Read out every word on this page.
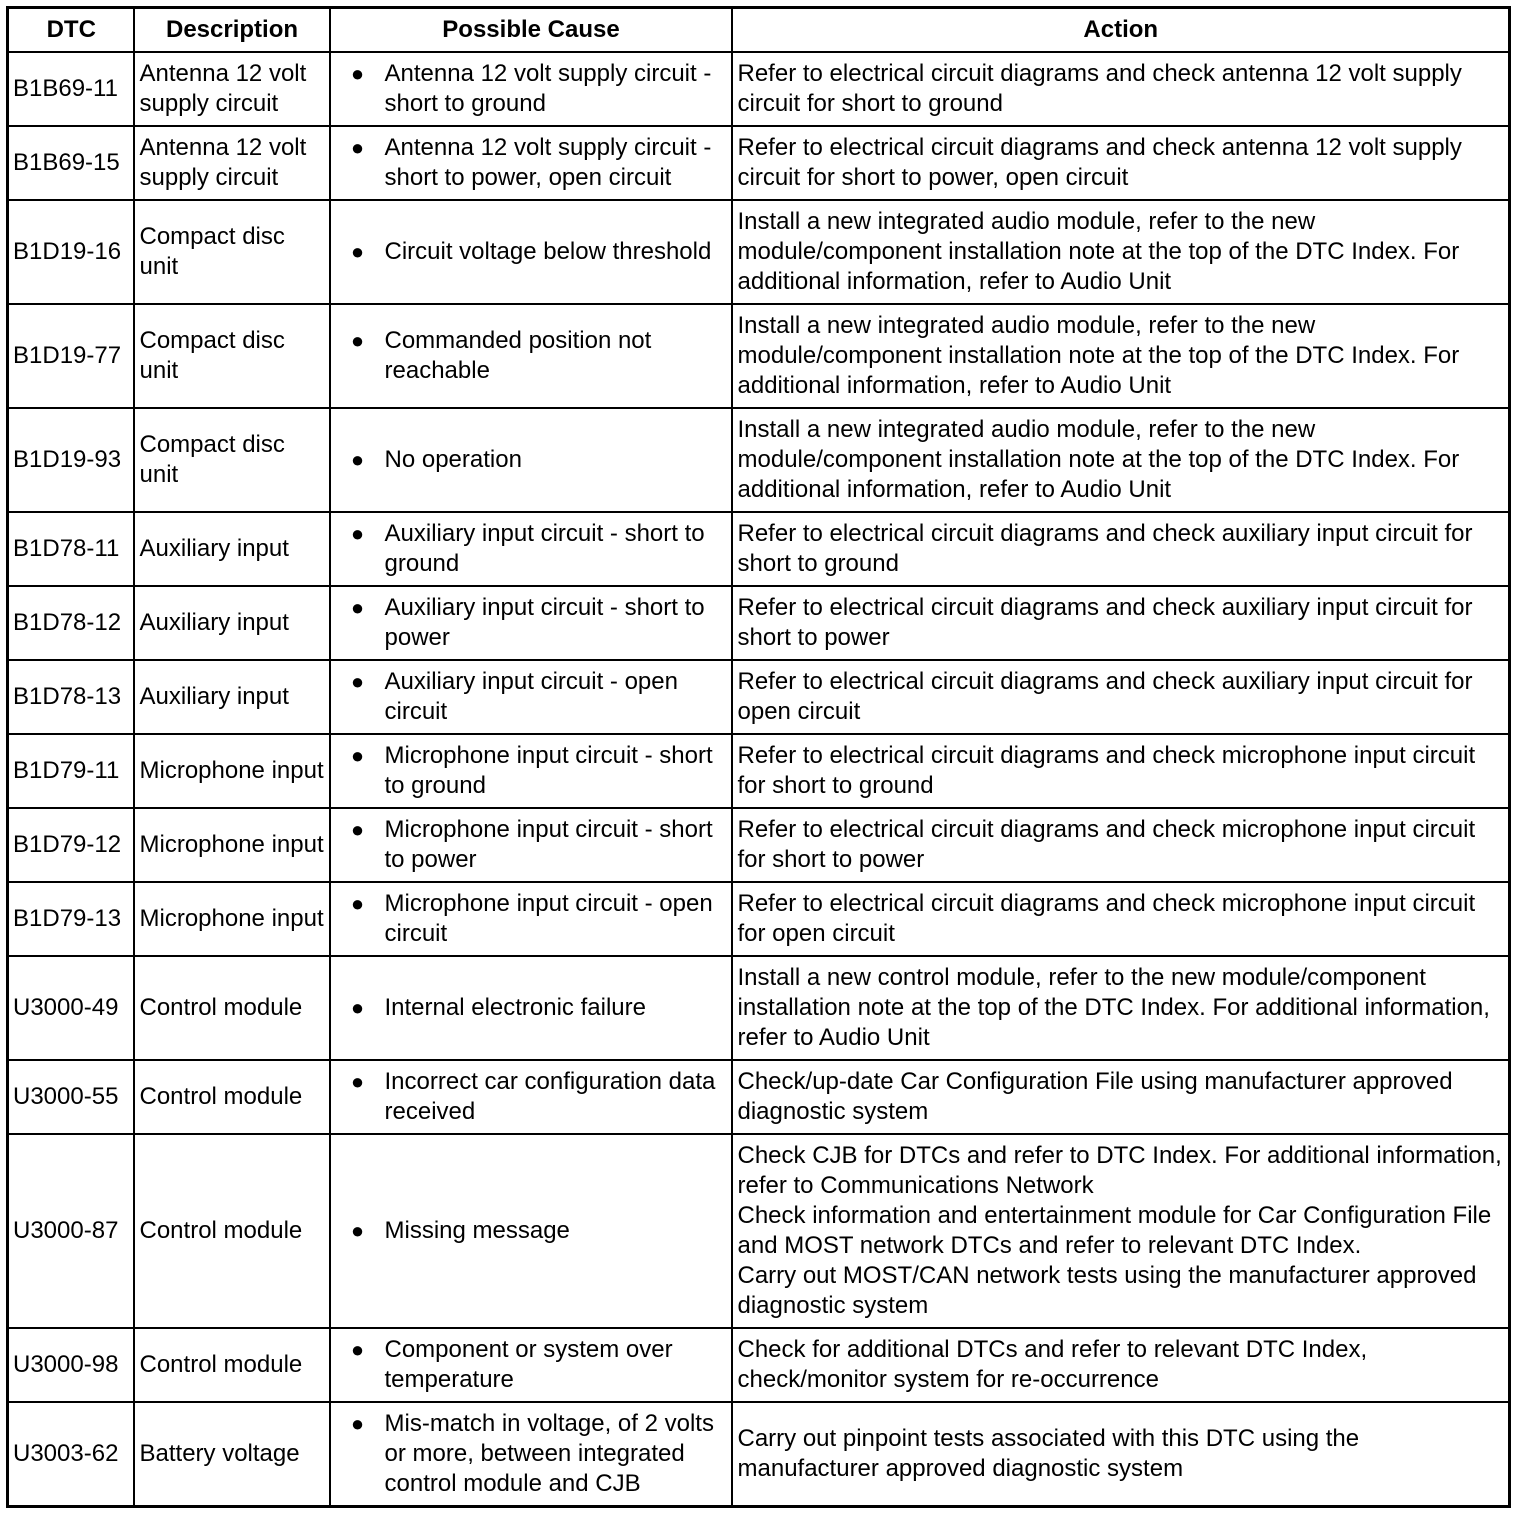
DTC	Description	Possible Cause	Action
B1B69-11	Antenna 12 volt supply circuit	● Antenna 12 volt supply circuit - short to ground	Refer to electrical circuit diagrams and check antenna 12 volt supply circuit for short to ground

B1B69-15	Antenna 12 volt supply circuit	● Antenna 12 volt supply circuit - short to power, open circuit	Refer to electrical circuit diagrams and check antenna 12 volt supply circuit for short to power, open circuit

B1D19-16	Compact disc unit	● Circuit voltage below threshold	Install a new integrated audio module, refer to the new module/component installation note at the top of the DTC Index. For additional information, refer to Audio Unit

B1D19-77	Compact disc unit	● Commanded position not reachable	Install a new integrated audio module, refer to the new module/component installation note at the top of the DTC Index. For additional information, refer to Audio Unit

B1D19-93	Compact disc unit	● No operation	Install a new integrated audio module, refer to the new module/component installation note at the top of the DTC Index. For additional information, refer to Audio Unit

B1D78-11	Auxiliary input	● Auxiliary input circuit - short to ground	Refer to electrical circuit diagrams and check auxiliary input circuit for short to ground

B1D78-12	Auxiliary input	● Auxiliary input circuit - short to power	Refer to electrical circuit diagrams and check auxiliary input circuit for short to power

B1D78-13	Auxiliary input	● Auxiliary input circuit - open circuit	Refer to electrical circuit diagrams and check auxiliary input circuit for open circuit

B1D79-11	Microphone input	● Microphone input circuit - short to ground	Refer to electrical circuit diagrams and check microphone input circuit for short to ground

B1D79-12	Microphone input	● Microphone input circuit - short to power	Refer to electrical circuit diagrams and check microphone input circuit for short to power

B1D79-13	Microphone input	● Microphone input circuit - open circuit	Refer to electrical circuit diagrams and check microphone input circuit for open circuit

U3000-49	Control module	● Internal electronic failure	Install a new control module, refer to the new module/component installation note at the top of the DTC Index. For additional information, refer to Audio Unit

U3000-55	Control module	● Incorrect car configuration data received	Check/up-date Car Configuration File using manufacturer approved diagnostic system

U3000-87	Control module	● Missing message	Check CJB for DTCs and refer to DTC Index. For additional information, refer to Communications Network
Check information and entertainment module for Car Configuration File and MOST network DTCs and refer to relevant DTC Index.
Carry out MOST/CAN network tests using the manufacturer approved diagnostic system

U3000-98	Control module	● Component or system over temperature	Check for additional DTCs and refer to relevant DTC Index, check/monitor system for re-occurrence

U3003-62	Battery voltage	● Mis-match in voltage, of 2 volts or more, between integrated control module and CJB	Carry out pinpoint tests associated with this DTC using the manufacturer approved diagnostic system
